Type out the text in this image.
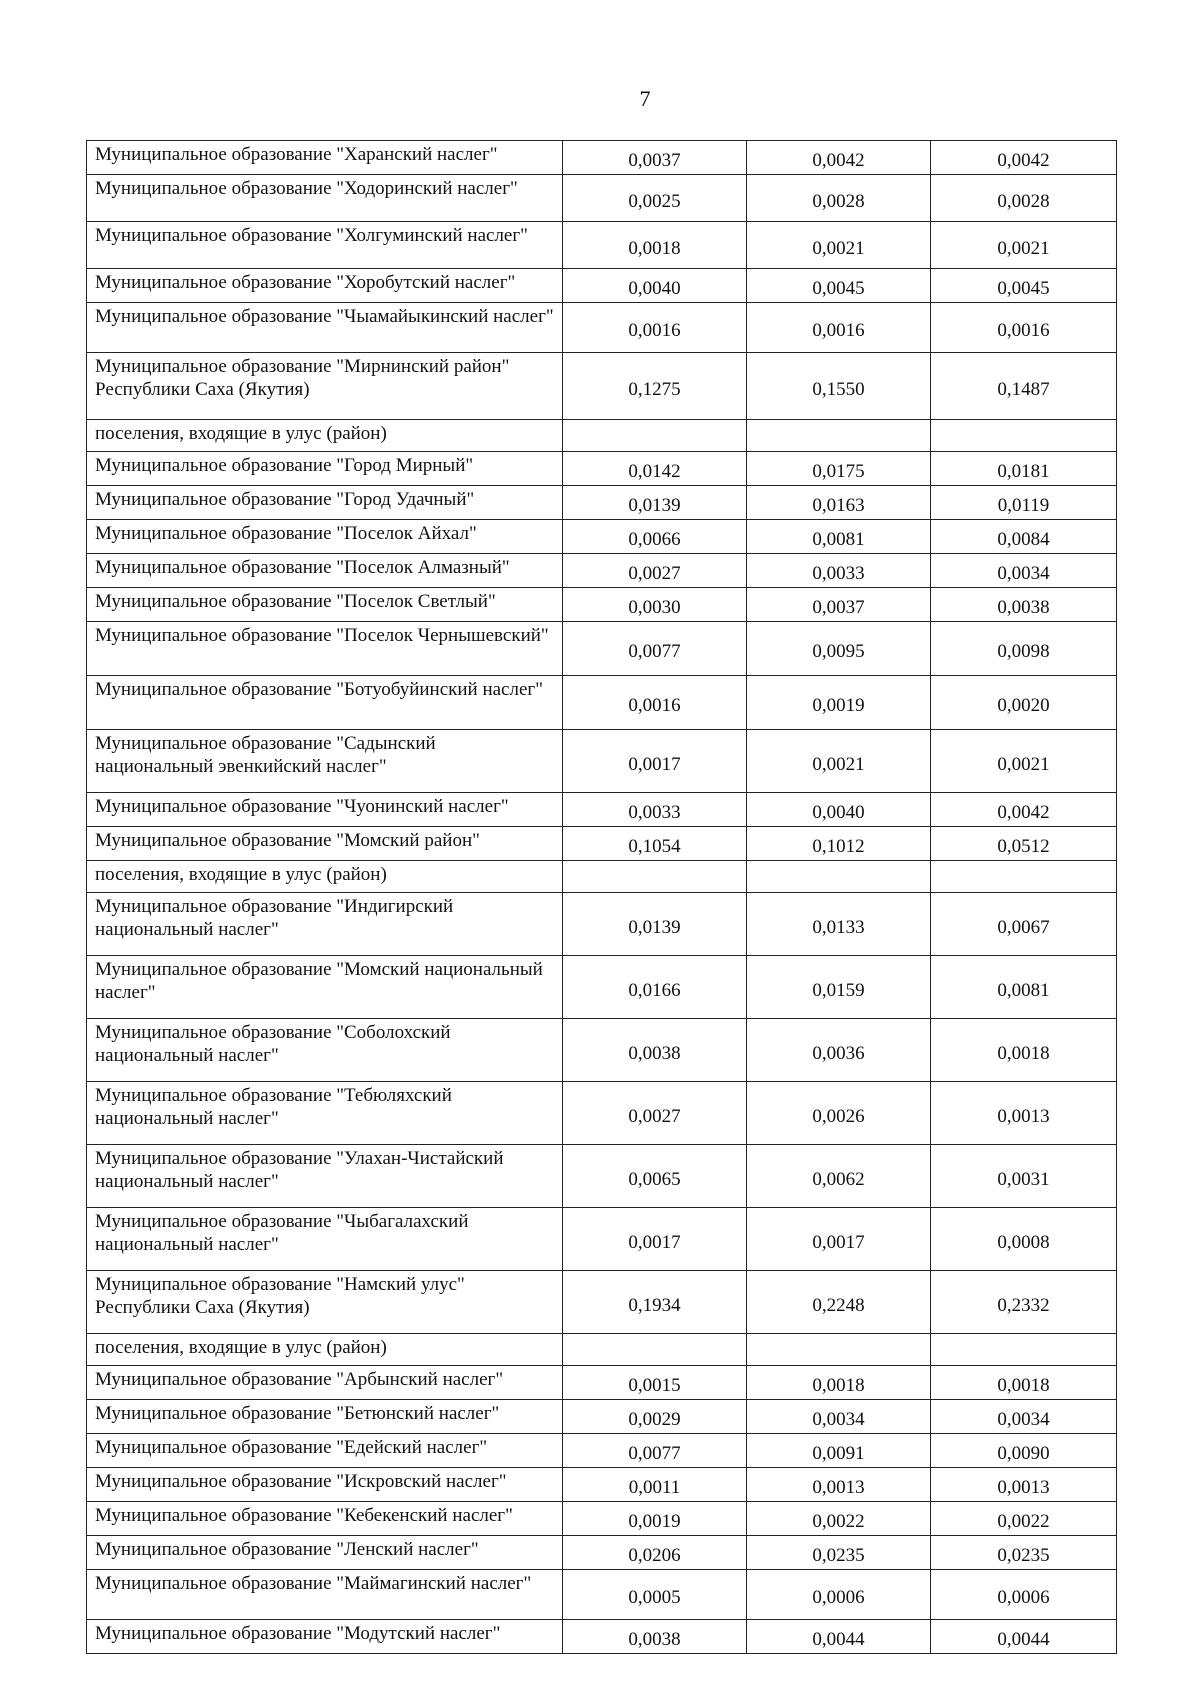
7
Муниципальное образование "Харанский наслег"	0,0037	0,0042	0,0042
Муниципальное образование "Ходоринский наслег"	0,0025	0,0028	0,0028
Муниципальное образование "Холгуминский наслег"	0,0018	0,0021	0,0021
Муниципальное образование "Хоробутский наслег"	0,0040	0,0045	0,0045
Муниципальное образование "Чыамайыкинский наслег"	0,0016	0,0016	0,0016
Муниципальное образование "Мирнинский район" Республики Саха (Якутия)	0,1275	0,1550	0,1487
поселения, входящие в улус (район)			
Муниципальное образование "Город Мирный"	0,0142	0,0175	0,0181
Муниципальное образование "Город Удачный"	0,0139	0,0163	0,0119
Муниципальное образование "Поселок Айхал"	0,0066	0,0081	0,0084
Муниципальное образование "Поселок Алмазный"	0,0027	0,0033	0,0034
Муниципальное образование "Поселок Светлый"	0,0030	0,0037	0,0038
Муниципальное образование "Поселок Чернышевский"	0,0077	0,0095	0,0098
Муниципальное образование "Ботуобуйинский наслег"	0,0016	0,0019	0,0020
Муниципальное образование "Садынский национальный эвенкийский наслег"	0,0017	0,0021	0,0021
Муниципальное образование "Чуонинский наслег"	0,0033	0,0040	0,0042
Муниципальное образование "Момский район"	0,1054	0,1012	0,0512
поселения, входящие в улус (район)			
Муниципальное образование "Индигирский национальный наслег"	0,0139	0,0133	0,0067
Муниципальное образование "Момский национальный наслег"	0,0166	0,0159	0,0081
Муниципальное образование "Соболохский национальный наслег"	0,0038	0,0036	0,0018
Муниципальное образование "Тебюляхский национальный наслег"	0,0027	0,0026	0,0013
Муниципальное образование "Улахан-Чистайский национальный наслег"	0,0065	0,0062	0,0031
Муниципальное образование "Чыбагалахский национальный наслег"	0,0017	0,0017	0,0008
Муниципальное образование "Намский улус" Республики Саха (Якутия)	0,1934	0,2248	0,2332
поселения, входящие в улус (район)			
Муниципальное образование "Арбынский наслег"	0,0015	0,0018	0,0018
Муниципальное образование "Бетюнский наслег"	0,0029	0,0034	0,0034
Муниципальное образование "Едейский наслег"	0,0077	0,0091	0,0090
Муниципальное образование "Искровский наслег"	0,0011	0,0013	0,0013
Муниципальное образование "Кебекенский наслег"	0,0019	0,0022	0,0022
Муниципальное образование "Ленский наслег"	0,0206	0,0235	0,0235
Муниципальное образование "Маймагинский наслег"	0,0005	0,0006	0,0006
Муниципальное образование "Модутский наслег"	0,0038	0,0044	0,0044
